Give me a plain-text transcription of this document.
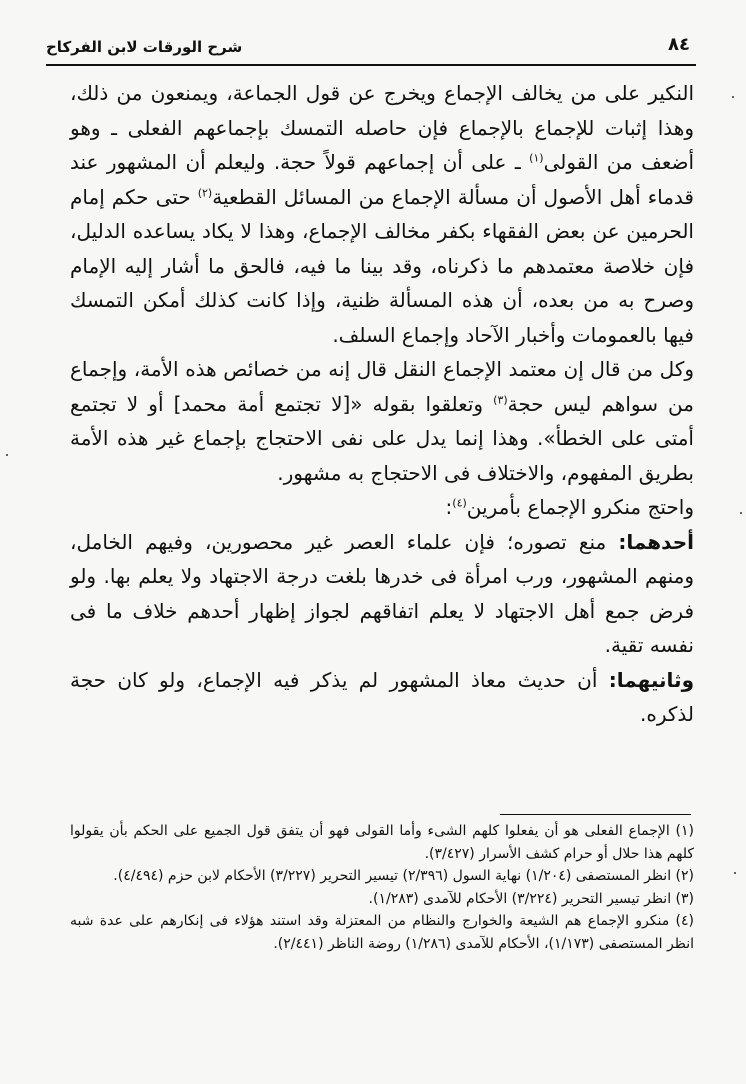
٨٤
شرح الورقات لابن الفركاح

النكير على من يخالف الإجماع ويخرج عن قول الجماعة، ويمنعون من ذلك، وهذا إثبات للإجماع بالإجماع فإن حاصله التمسك بإجماعهم الفعلى ـ وهو أضعف من القولى$^{(١)}$ ـ على أن إجماعهم قولاً حجة. وليعلم أن المشهور عند قدماء أهل الأصول أن مسألة الإجماع من المسائل القطعية$^{(٢)}$ حتى حكم إمام الحرمين عن بعض الفقهاء بكفر مخالف الإجماع، وهذا لا يكاد يساعده الدليل، فإن خلاصة معتمدهم ما ذكرناه، وقد بينا ما فيه، فالحق ما أشار إليه الإمام وصرح به من بعده، أن هذه المسألة ظنية، وإذا كانت كذلك أمكن التمسك فيها بالعمومات وأخبار الآحاد وإجماع السلف.

وكل من قال إن معتمد الإجماع النقل قال إنه من خصائص هذه الأمة، وإجماع من سواهم ليس حجة$^{(٣)}$ وتعلقوا بقوله «[لا تجتمع أمة محمد] أو لا تجتمع أمتى على الخطأ». وهذا إنما يدل على نفى الاحتجاج بإجماع غير هذه الأمة بطريق المفهوم، والاختلاف فى الاحتجاج به مشهور.

واحتج منكرو الإجماع بأمرين$^{(٤)}$:

أحدهما: منع تصوره؛ فإن علماء العصر غير محصورين، وفيهم الخامل، ومنهم المشهور، ورب امرأة فى خدرها بلغت درجة الاجتهاد ولا يعلم بها. ولو فرض جمع أهل الاجتهاد لا يعلم اتفاقهم لجواز إظهار أحدهم خلاف ما فى نفسه تقية.

وثانيهما: أن حديث معاذ المشهور لم يذكر فيه الإجماع، ولو كان حجة لذكره.

(١) الإجماع الفعلى هو أن يفعلوا كلهم الشىء وأما القولى فهو أن يتفق قول الجميع على الحكم بأن يقولوا كلهم هذا حلال أو حرام كشف الأسرار (٣/٤٢٧).

(٢) انظر المستصفى (١/٢٠٤) نهاية السول (٢/٣٩٦) تيسير التحرير (٣/٢٢٧) الأحكام لابن حزم (٤/٤٩٤).

(٣) انظر تيسير التحرير (٣/٢٢٤) الأحكام للآمدى (١/٢٨٣).

(٤) منكرو الإجماع هم الشيعة والخوارج والنظام من المعتزلة وقد استند هؤلاء فى إنكارهم على عدة شبه انظر المستصفى (١/١٧٣)، الأحكام للآمدى (١/٢٨٦) روضة الناظر (٢/٤٤١).
